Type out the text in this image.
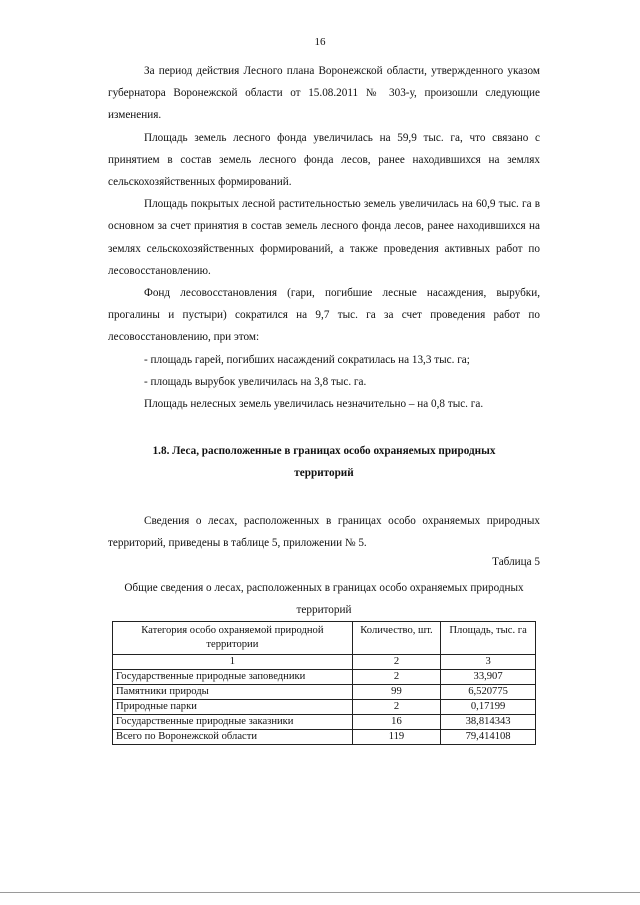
16

За период действия Лесного плана Воронежской области, утвержденного указом губернатора Воронежской области от 15.08.2011 № 303-у, произошли следующие изменения.

Площадь земель лесного фонда увеличилась на 59,9 тыс. га, что связано с принятием в состав земель лесного фонда лесов, ранее находившихся на землях сельскохозяйственных формирований.

Площадь покрытых лесной растительностью земель увеличилась на 60,9 тыс. га в основном за счет принятия в состав земель лесного фонда лесов, ранее находившихся на землях сельскохозяйственных формирований, а также проведения активных работ по лесовосстановлению.

Фонд лесовосстановления (гари, погибшие лесные насаждения, вырубки, прогалины и пустыри) сократился на 9,7 тыс. га за счет проведения работ по лесовосстановлению, при этом:

- площадь гарей, погибших насаждений сократилась на 13,3 тыс. га;

- площадь вырубок увеличилась на 3,8 тыс. га.

Площадь нелесных земель увеличилась незначительно – на 0,8 тыс. га.

1.8. Леса, расположенные в границах особо охраняемых природных
территорий

Сведения о лесах, расположенных в границах особо охраняемых природных территорий, приведены в таблице 5, приложении № 5.

Таблица 5
Общие сведения о лесах, расположенных в границах особо охраняемых природных
территорий
Категория особо охраняемой природной территории	Количество, шт.	Площадь, тыс. га
1	2	3
Государственные природные заповедники	2	33,907
Памятники природы	99	6,520775
Природные парки	2	0,17199
Государственные природные заказники	16	38,814343
Всего по Воронежской области	119	79,414108
